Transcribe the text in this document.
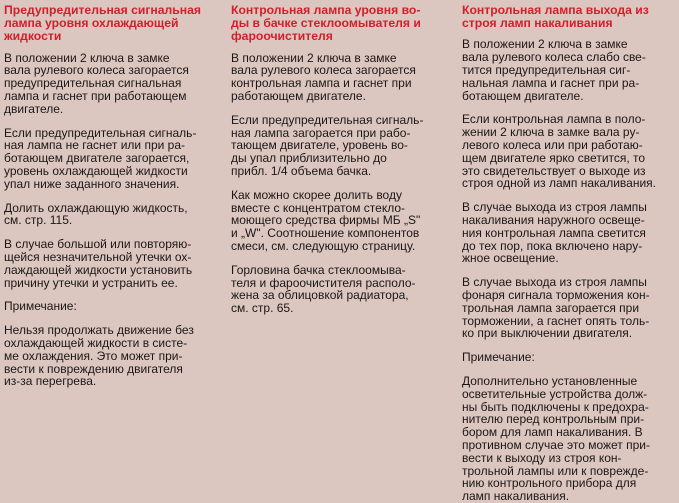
Предупредительная сигнальная
лампа уровня охлаждающей
жидкости
В положении 2 ключа в замке
вала рулевого колеса загорается
предупредительная сигнальная
лампа и гаснет при работающем
двигателе.
Если предупредительная сигналь-
ная лампа не гаснет или при ра-
ботающем двигателе загорается,
уровень охлаждающей жидкости
упал ниже заданного значения.
Долить охлаждающую жидкость,
см. стр. 115.
В случае большой или повторяю-
щейся незначительной утечки ох-
лаждающей жидкости установить
причину утечки и устранить ее.
Примечание:
Нельзя продолжать движение без
охлаждающей жидкости в систе-
ме охлаждения. Это может при-
вести к повреждению двигателя
из-за перегрева.
Контрольная лампа уровня во-
ды в бачке стеклоомывателя и
фароочистителя
В положении 2 ключа в замке
вала рулевого колеса загорается
контрольная лампа и гаснет при
работающем двигателе.
Если предупредительная сигналь-
ная лампа загорается при рабо-
тающем двигателе, уровень во-
ды упал приблизительно до
прибл. 1/4 объема бачка.
Как можно скорее долить воду
вместе с концентратом стекло-
моющего средства фирмы МБ „S"
и „W". Соотношение компонентов
смеси, см. следующую страницу.
Горловина бачка стеклоомыва-
теля и фароочистителя располо-
жена за облицовкой радиатора,
см. стр. 65.
Контрольная лампа выхода из
строя ламп накаливания
В положении 2 ключа в замке
вала рулевого колеса слабо све-
тится предупредительная сиг-
нальная лампа и гаснет при ра-
ботающем двигателе.
Если контрольная лампа в поло-
жении 2 ключа в замке вала ру-
левого колеса или при работаю-
щем двигателе ярко светится, то
это свидетельствует о выходе из
строя одной из ламп накаливания.
В случае выхода из строя лампы
накаливания наружного освеще-
ния контрольная лампа светится
до тех пор, пока включено нару-
жное освещение.
В случае выхода из строя лампы
фонаря сигнала торможения кон-
трольная лампа загорается при
торможении, а гаснет опять толь-
ко при выключении двигателя.
Примечание:
Дополнительно установленные
осветительные устройства долж-
ны быть подключены к предохра-
нителю перед контрольным при-
бором для ламп накаливания. В
противном случае это может при-
вести к выходу из строя кон-
трольной лампы или к поврежде-
нию контрольного прибора для
ламп накаливания.
